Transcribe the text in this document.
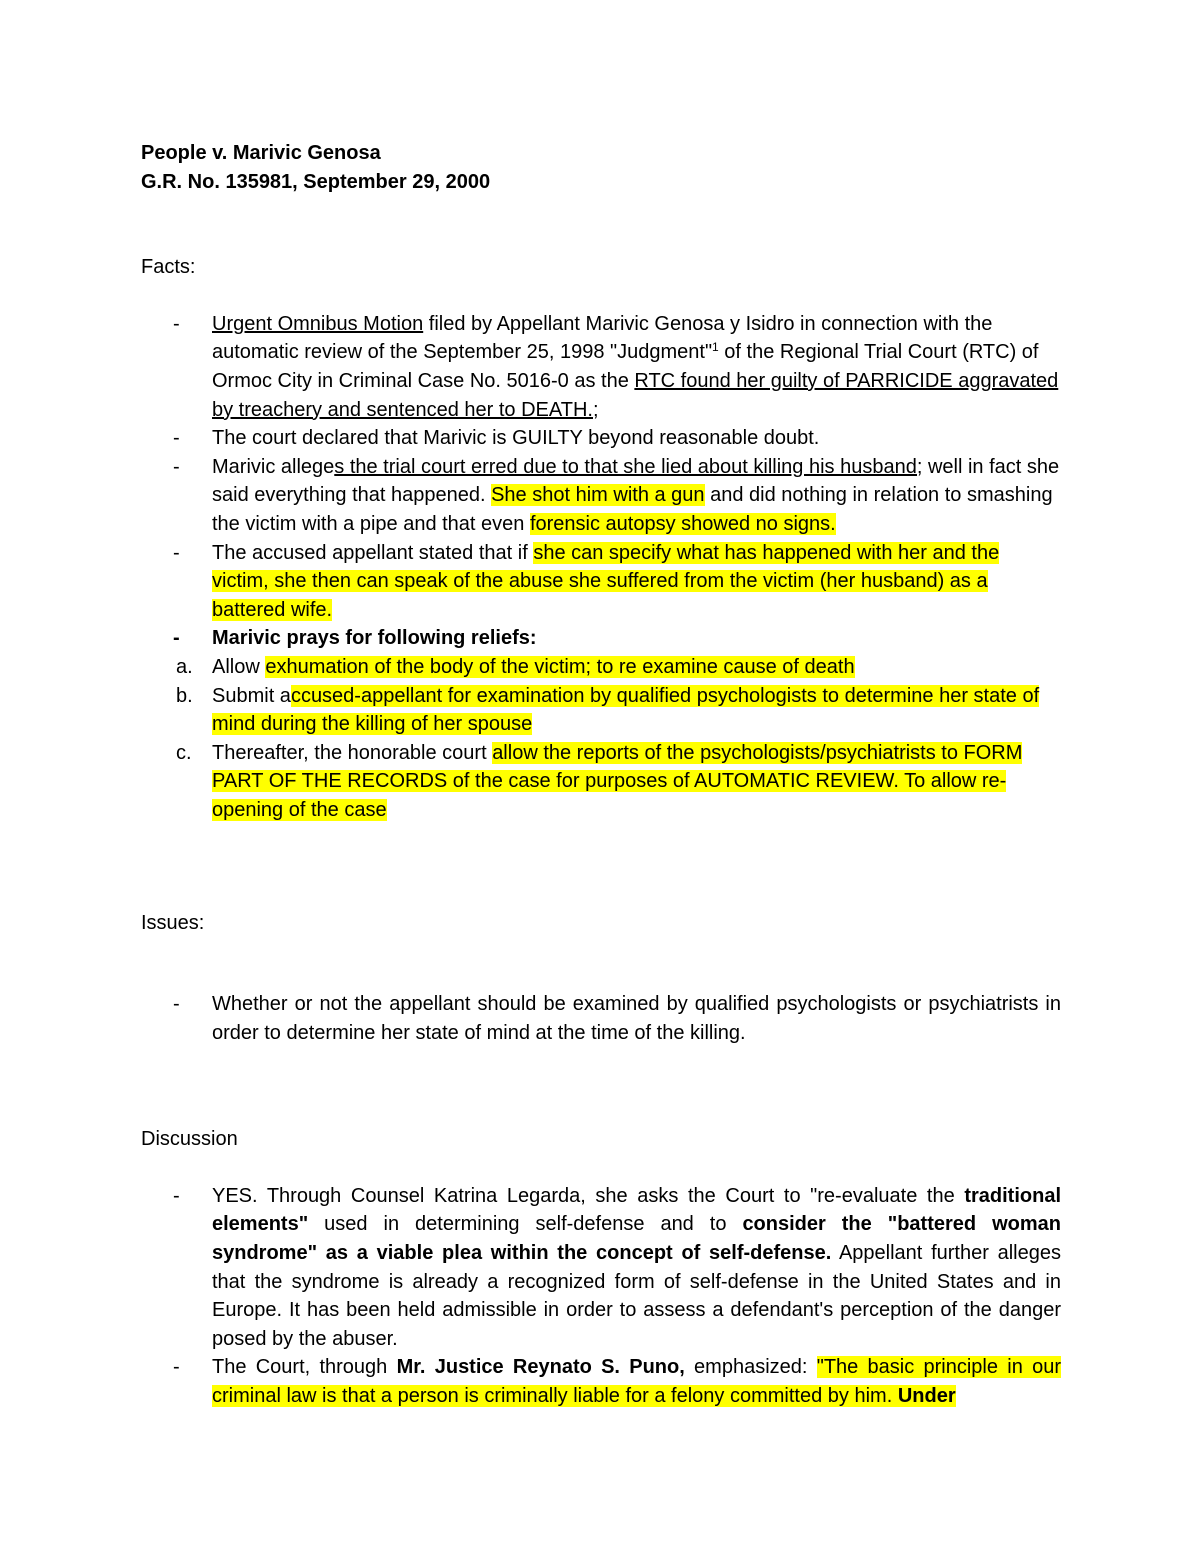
People v. Marivic Genosa

G.R. No. 135981, September 29, 2000

Facts:

- Urgent Omnibus Motion filed by Appellant Marivic Genosa y Isidro in connection with the automatic review of the September 25, 1998 "Judgment"$^1$ of the Regional Trial Court (RTC) of Ormoc City in Criminal Case No. 5016-0 as the RTC found her guilty of PARRICIDE aggravated by treachery and sentenced her to DEATH.;
- The court declared that Marivic is GUILTY beyond reasonable doubt.
- Marivic alleges the trial court erred due to that she lied about killing his husband; well in fact she said everything that happened. She shot him with a gun and did nothing in relation to smashing the victim with a pipe and that even forensic autopsy showed no signs.
- The accused appellant stated that if she can specify what has happened with her and the victim, she then can speak of the abuse she suffered from the victim (her husband) as a battered wife.
- Marivic prays for following reliefs:
a. Allow exhumation of the body of the victim; to re examine cause of death
b. Submit accused-appellant for examination by qualified psychologists to determine her state of mind during the killing of her spouse
c. Thereafter, the honorable court allow the reports of the psychologists/psychiatrists to FORM PART OF THE RECORDS of the case for purposes of AUTOMATIC REVIEW. To allow re-opening of the case

Issues:

- Whether or not the appellant should be examined by qualified psychologists or psychiatrists in order to determine her state of mind at the time of the killing.

Discussion

- YES. Through Counsel Katrina Legarda, she asks the Court to "re-evaluate the traditional elements" used in determining self-defense and to consider the "battered woman syndrome" as a viable plea within the concept of self-defense. Appellant further alleges that the syndrome is already a recognized form of self-defense in the United States and in Europe. It has been held admissible in order to assess a defendant's perception of the danger posed by the abuser.
- The Court, through Mr. Justice Reynato S. Puno, emphasized: "The basic principle in our criminal law is that a person is criminally liable for a felony committed by him. Under
